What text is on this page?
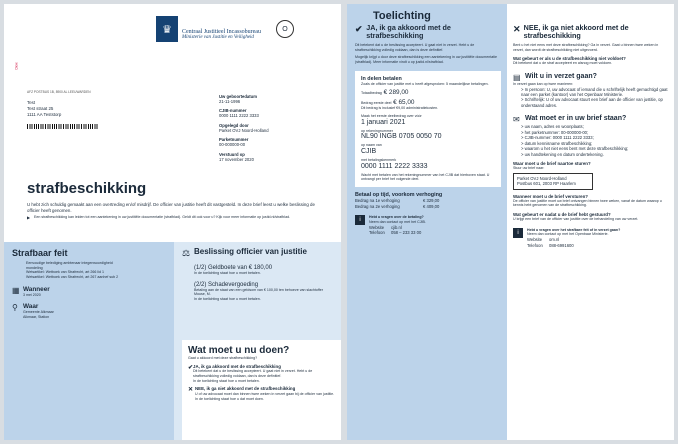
♛ Centraal Justitieel Incassobureau
Ministerie van Justitie en Veiligheid
O
Dxxx
AFZ POSTBUS 1B, 8900 AL LEEUWARDEN
Test
Test straat 25
1111 AA Teststorp
Uw geboortedatum
21-11-1996
CJIB-nummer
0000 1111 2222 3333
Opgelegd door
Parket OVJ Noord-Holland
Parketnummer
00-000000-00
Verstuurd op
17 november 2020
strafbeschikking
U hebt zich schuldig gemaakt aan een overtreding en/of misdrijf. De officier van justitie heeft dit vastgesteld. In deze brief leest u welke beslissing de officier heeft genomen.
▶	Een strafbeschikking kan leiden tot een aantekening in uw justitiële documentatie (strafblad). Geldt dit ook voor u? Kijk voor meer informatie op justid.nl/strafblad.
Strafbaar feit
Eenvoudige belediging ambtenaar integenwoordigheid
mondeling
Wetsartikel: Wetboek van Strafrecht, art 266 lid 1
Wetsartikel: Wetboek van Strafrecht, art 267 aanhef sub 2
▦ Wanneer
3 mei 2020
⚲ Waar
Gemeente Alkmaar
Alkmaar, Station
⚖ Beslissing officier van justitie
(1/2) Geldboete van € 180,00
In de toelichting staat hoe u moet betalen.
(2/2) Schadevergoeding
Betaling aan de staat van een geldsom van € 100,00 ten behoeve van slachtoffer Mouse, M.
In de toelichting staat hoe u moet betalen.
Wat moet u nu doen?
Gaat u akkoord met deze strafbeschikking?
✔ JA, ik ga akkoord met de strafbeschikking
Dit betekent dat u de beslissing accepteert. U gaat niet in verzet. Hebt u de strafbeschikking volledig voldaan, dan is deze definitief.
In de toelichting staat hoe u moet betalen.
✕ NEE, ik ga niet akkoord met de strafbeschikking
U of uw advocaat moet dan binnen twee weken in verzet gaan bij de officier van justitie.
In de toelichting staat hoe u dat moet doen.
Toelichting
✔ JA, ik ga akkoord met de strafbeschikking
Dit betekent dat u de beslissing accepteert. U gaat niet in verzet. Hebt u de strafbeschikking volledig voldaan, dan is deze definitief.
Mogelijk krijgt u door deze strafbeschikking een aantekening in uw justitiële documentatie (strafblad). Meer informatie vindt u op justid.nl/strafblad.
In delen betalen
Zoals de officier van justitie met u heeft afgesproken: 5 maandelijkse betalingen.
Totaalbedrag € 289,00
Bedrag eerste deel € 65,00
Dit bedrag is inclusief €9,00 administratiekosten.
Maak het eerste deelbedrag over vóór
1 januari 2021
op rekeningnummer
NL90 INGB 0705 0050 70
op naam van
CJIB
met betalingskenmerk
0000 1111 2222 3333
Wacht met betalen van het rekeningnummer van het CJIB dat hierboven staat. U ontvangt per brief het volgende deel.
Betaal op tijd, voorkom verhoging
Bedrag na 1e verhoging	€ 329,00
Bedrag na 2e verhoging	€ 409,00
i	Hebt u vragen over de betaling?
Neem dan contact op met het CJIB.
Website	cjib.nl
Telefoon	058 – 233 33 00
✕ NEE, ik ga niet akkoord met de strafbeschikking
Bent u het niet eens met deze strafbeschikking? Ga in verzet. Gaat u binnen twee weken in verzet, dan wordt de strafbeschikking niet uitgevoerd.
Wat gebeurt er als u de strafbeschikking niet voldoet?
Dit betekent dat u de straf accepteert en alsnog moet voldoen.
▤ Wilt u in verzet gaan?
In verzet gaan kan op twee manieren:
> In persoon: U, uw advocaat of iemand die u schriftelijk heeft gemachtigd gaat naar een parket (kantoor) van het Openbaar Ministerie.
> Schriftelijk: U of uw advocaat stuurt een brief aan de officier van justitie, op onderstaand adres.
✉ Wat moet er in uw brief staan?
> uw naam, adres en woonplaats;
> het parketnummer: 00-000000-00;
> CJIB-nummer: 0000 1111 2222 3333;
> datum kennisname strafbeschikking;
> waarom u het niet eens bent met deze strafbeschikking;
> uw handtekening en datum ondertekening.
Waar moet u de brief naartoe sturen?
Stuur uw brief naar:
Parket OVJ Noord-Holland
Postbus 601, 2003 RP Haarlem
Wanneer moet u de brief versturen?
De officier van justitie moet uw brief ontvangen binnen twee weken, vanaf de datum waarop u kennis hebt genomen van de strafbeschikking.
Wat gebeurt er nadat u de brief hebt gestuurd?
U krijgt een brief van de officier van justitie over de behandeling van uw verzet.
i	Hebt u vragen over het strafbare feit of in verzet gaan?
Neem dan contact op met het Openbaar Ministerie.
Website	om.nl
Telefoon	088-6991600
